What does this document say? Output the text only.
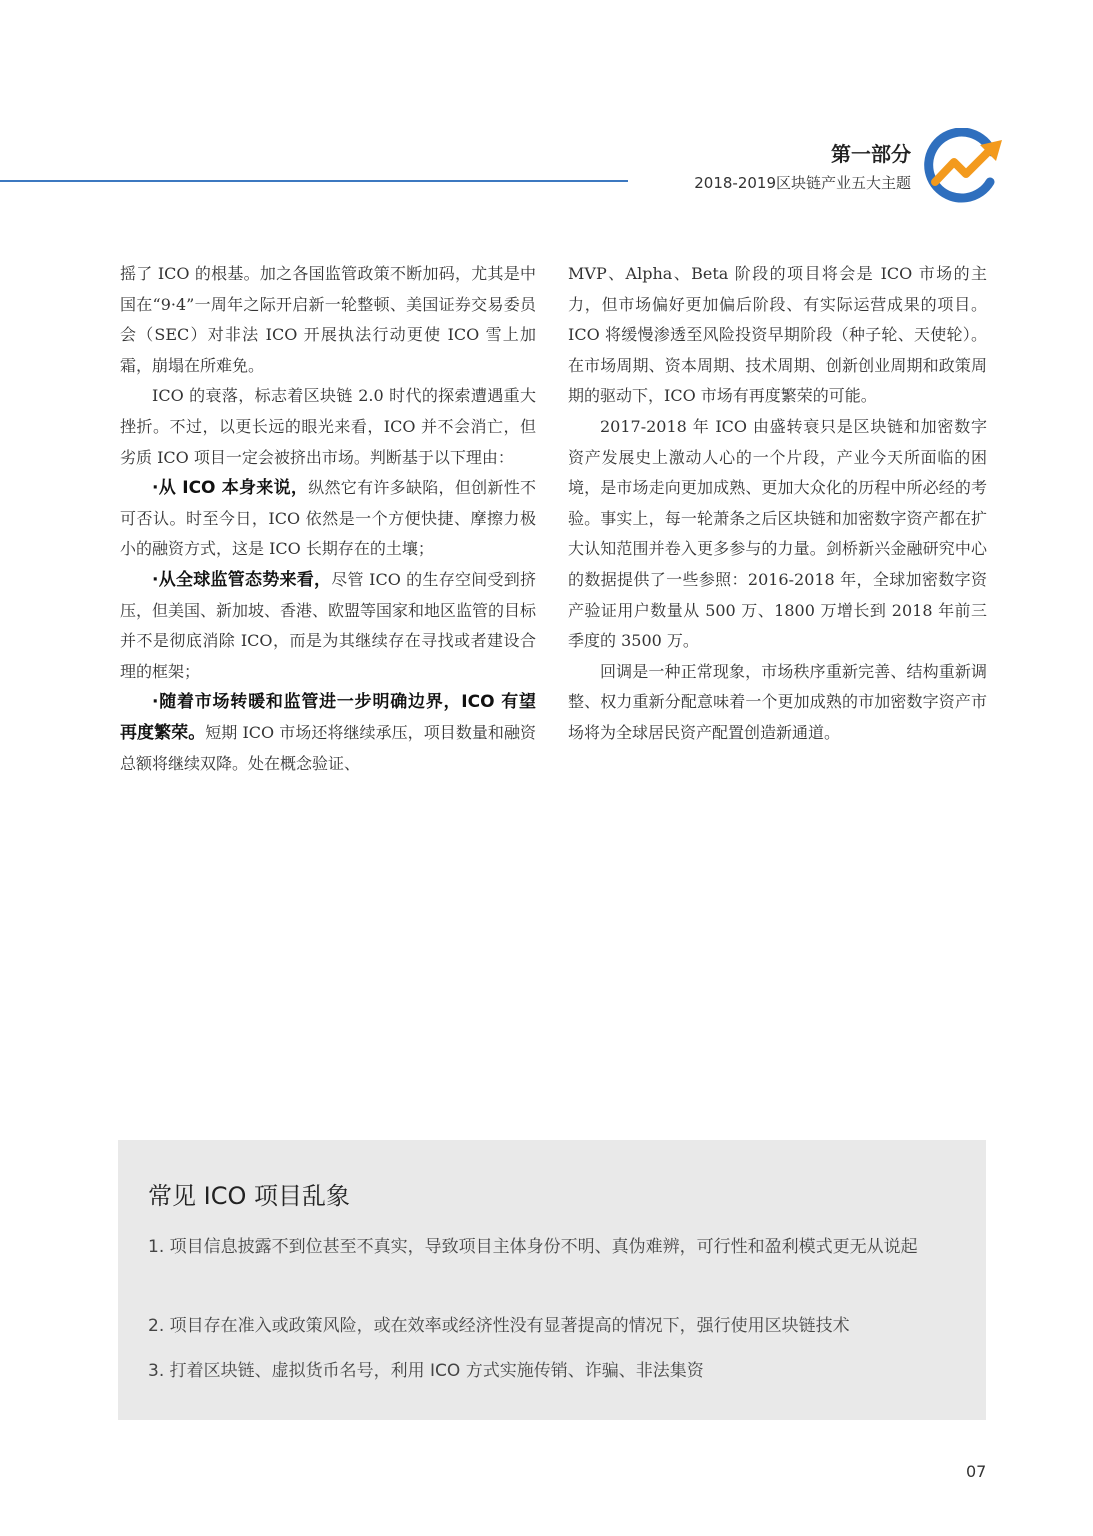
第一部分

2018-2019区块链产业五大主题

摇了 ICO 的根基。加之各国监管政策不断加码，尤其是中国在“9·4”一周年之际开启新一轮整顿、美国证券交易委员会（SEC）对非法 ICO 开展执法行动更使 ICO 雪上加霜，崩塌在所难免。

ICO 的衰落，标志着区块链 2.0 时代的探索遭遇重大挫折。不过，以更长远的眼光来看，ICO 并不会消亡，但劣质 ICO 项目一定会被挤出市场。判断基于以下理由：

·从 ICO 本身来说，纵然它有许多缺陷，但创新性不可否认。时至今日，ICO 依然是一个方便快捷、摩擦力极小的融资方式，这是 ICO 长期存在的土壤；

·从全球监管态势来看，尽管 ICO 的生存空间受到挤压，但美国、新加坡、香港、欧盟等国家和地区监管的目标并不是彻底消除 ICO，而是为其继续存在寻找或者建设合理的框架；

·随着市场转暖和监管进一步明确边界，ICO 有望再度繁荣。短期 ICO 市场还将继续承压，项目数量和融资总额将继续双降。处在概念验证、

MVP、Alpha、Beta 阶段的项目将会是 ICO 市场的主力，但市场偏好更加偏后阶段、有实际运营成果的项目。ICO 将缓慢渗透至风险投资早期阶段（种子轮、天使轮）。在市场周期、资本周期、技术周期、创新创业周期和政策周期的驱动下，ICO 市场有再度繁荣的可能。

2017-2018 年 ICO 由盛转衰只是区块链和加密数字资产发展史上激动人心的一个片段，产业今天所面临的困境，是市场走向更加成熟、更加大众化的历程中所必经的考验。事实上，每一轮萧条之后区块链和加密数字资产都在扩大认知范围并卷入更多参与的力量。剑桥新兴金融研究中心的数据提供了一些参照：2016-2018 年，全球加密数字资产验证用户数量从 500 万、1800 万增长到 2018 年前三季度的 3500 万。

回调是一种正常现象，市场秩序重新完善、结构重新调整、权力重新分配意味着一个更加成熟的市加密数字资产市场将为全球居民资产配置创造新通道。

常见 ICO 项目乱象

1. 项目信息披露不到位甚至不真实，导致项目主体身份不明、真伪难辨，可行性和盈利模式更无从说起

2. 项目存在准入或政策风险，或在效率或经济性没有显著提高的情况下，强行使用区块链技术

3. 打着区块链、虚拟货币名号，利用 ICO 方式实施传销、诈骗、非法集资

07
